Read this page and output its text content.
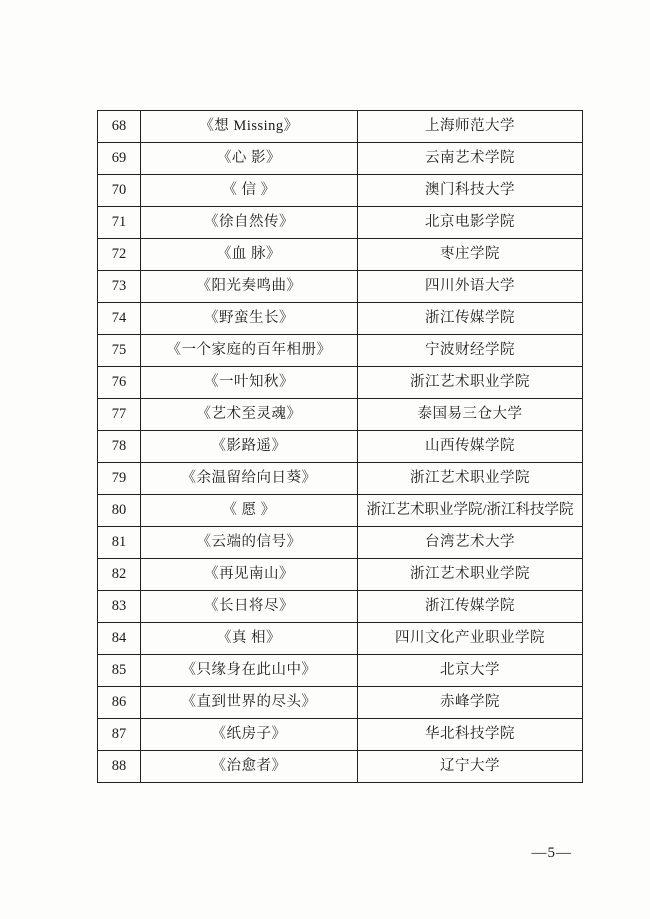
68	《想 Missing》	上海师范大学
69	《心 影》	云南艺术学院
70	《 信 》	澳门科技大学
71	《徐自然传》	北京电影学院
72	《血 脉》	枣庄学院
73	《阳光奏鸣曲》	四川外语大学
74	《野蛮生长》	浙江传媒学院
75	《一个家庭的百年相册》	宁波财经学院
76	《一叶知秋》	浙江艺术职业学院
77	《艺术至灵魂》	泰国易三仓大学
78	《影路遥》	山西传媒学院
79	《余温留给向日葵》	浙江艺术职业学院
80	《 愿 》	浙江艺术职业学院/浙江科技学院
81	《云端的信号》	台湾艺术大学
82	《再见南山》	浙江艺术职业学院
83	《长日将尽》	浙江传媒学院
84	《真 相》	四川文化产业职业学院
85	《只缘身在此山中》	北京大学
86	《直到世界的尽头》	赤峰学院
87	《纸房子》	华北科技学院
88	《治愈者》	辽宁大学
—5—
